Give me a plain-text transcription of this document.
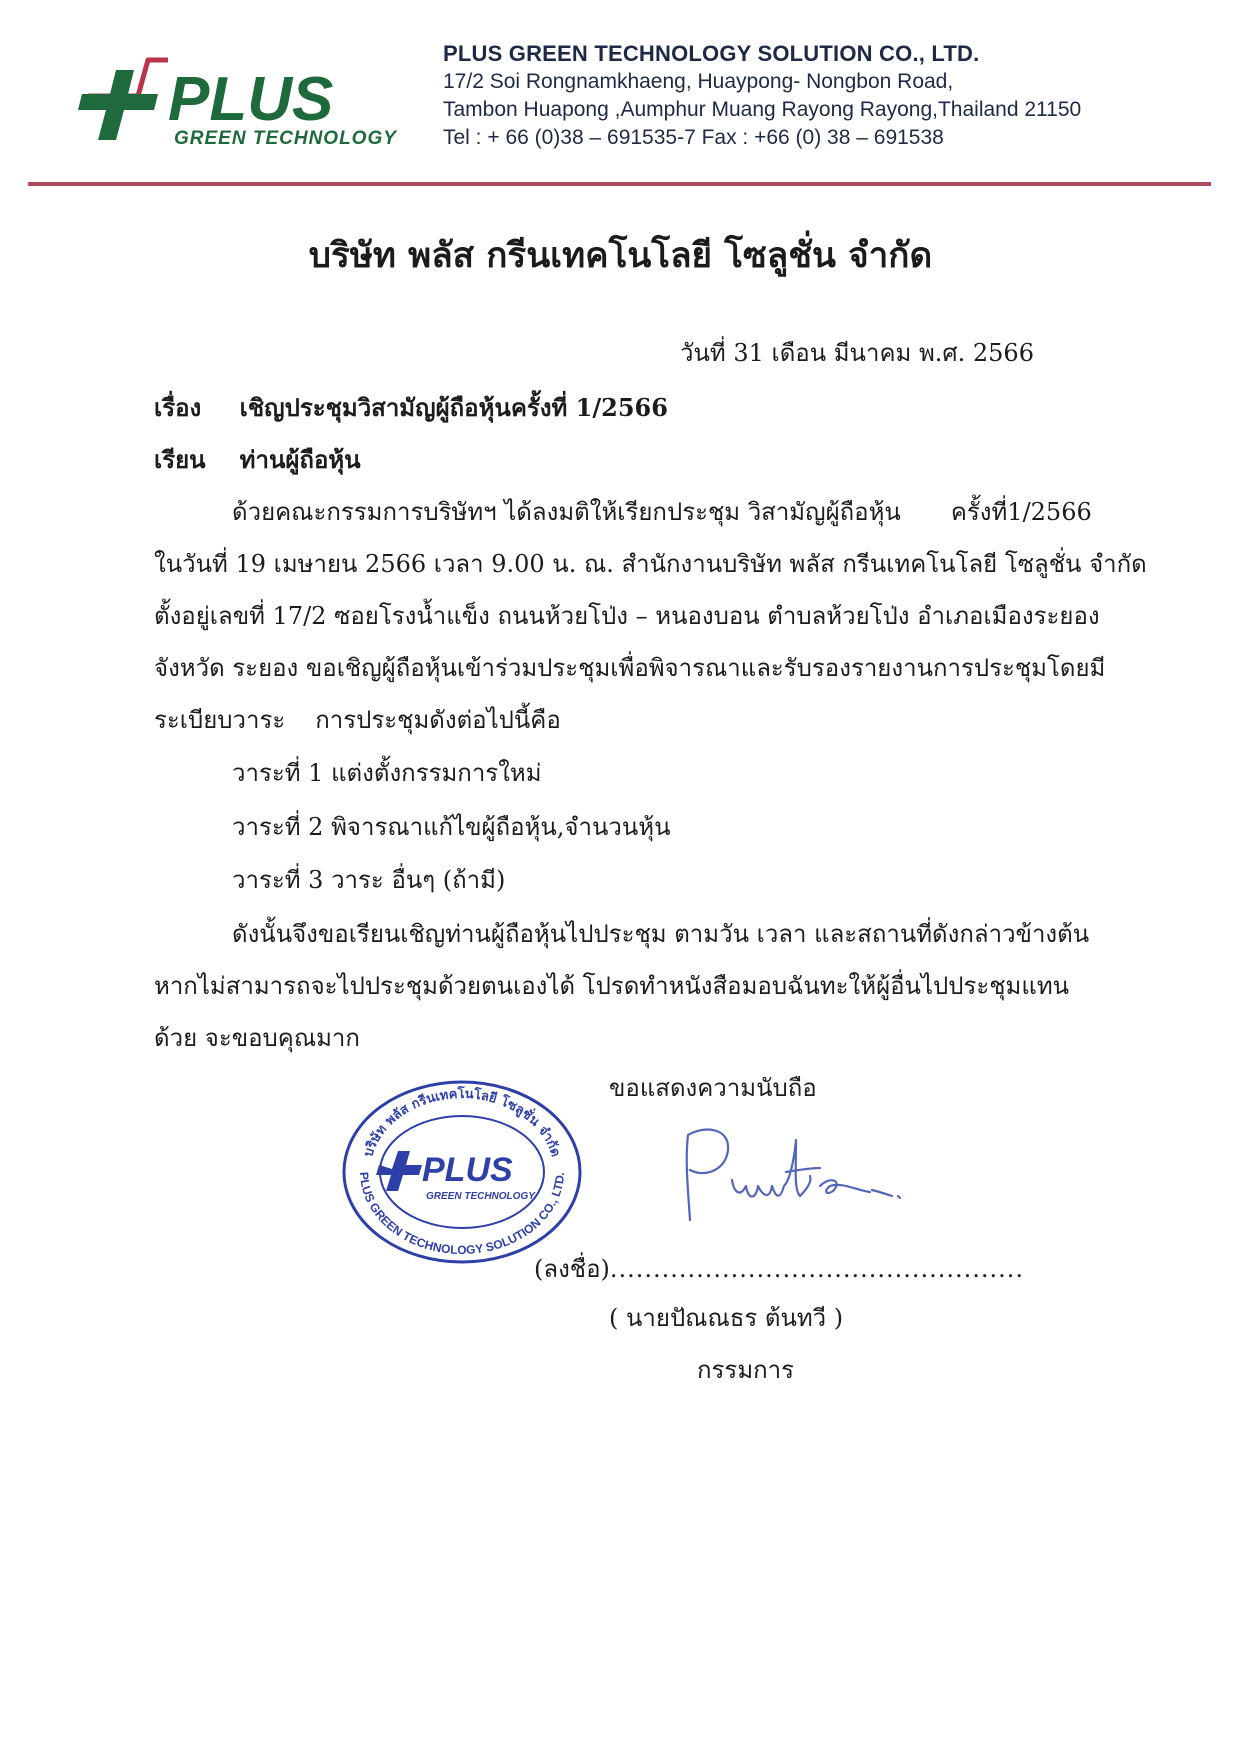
PLUS
GREEN TECHNOLOGY
PLUS GREEN TECHNOLOGY SOLUTION CO., LTD.
17/2 Soi Rongnamkhaeng, Huaypong- Nongbon Road,
Tambon Huapong ,Aumphur Muang Rayong Rayong,Thailand 21150
Tel : + 66 (0)38 – 691535-7 Fax : +66 (0) 38 – 691538
บริษัท พลัส กรีนเทคโนโลยี โซลูชั่น จำกัด
วันที่ 31 เดือน มีนาคม พ.ศ. 2566
เรื่อง เชิญประชุมวิสามัญผู้ถือหุ้นครั้งที่ 1/2566
เรียน ท่านผู้ถือหุ้น
ด้วยคณะกรรมการบริษัทฯ ได้ลงมติให้เรียกประชุม วิสามัญผู้ถือหุ้น ครั้งที่1/2566
ในวันที่ 19 เมษายน 2566 เวลา 9.00 น. ณ. สำนักงานบริษัท พลัส กรีนเทคโนโลยี โซลูชั่น จำกัด
ตั้งอยู่เลขที่ 17/2 ซอยโรงน้ำแข็ง ถนนห้วยโป่ง – หนองบอน ตำบลห้วยโป่ง อำเภอเมืองระยอง
จังหวัด ระยอง ขอเชิญผู้ถือหุ้นเข้าร่วมประชุมเพื่อพิจารณาและรับรองรายงานการประชุมโดยมี
ระเบียบวาระ การประชุมดังต่อไปนี้คือ
วาระที่ 1 แต่งตั้งกรรมการใหม่
วาระที่ 2 พิจารณาแก้ไขผู้ถือหุ้น,จำนวนหุ้น
วาระที่ 3 วาระ อื่นๆ (ถ้ามี)
ดังนั้นจึงขอเรียนเชิญท่านผู้ถือหุ้นไปประชุม ตามวัน เวลา และสถานที่ดังกล่าวข้างต้น
หากไม่สามารถจะไปประชุมด้วยตนเองได้ โปรดทำหนังสือมอบฉันทะให้ผู้อื่นไปประชุมแทน
ด้วย จะขอบคุณมาก
ขอแสดงความนับถือ
บริษัท พลัส กรีนเทคโนโลยี โซลูชั่น จำกัด
PLUS GREEN TECHNOLOGY SOLUTION CO., LTD.
PLUS
GREEN TECHNOLOGY
(ลงชื่อ)................................................
( นายปัณณธร ต้นทวี )
กรรมการ
